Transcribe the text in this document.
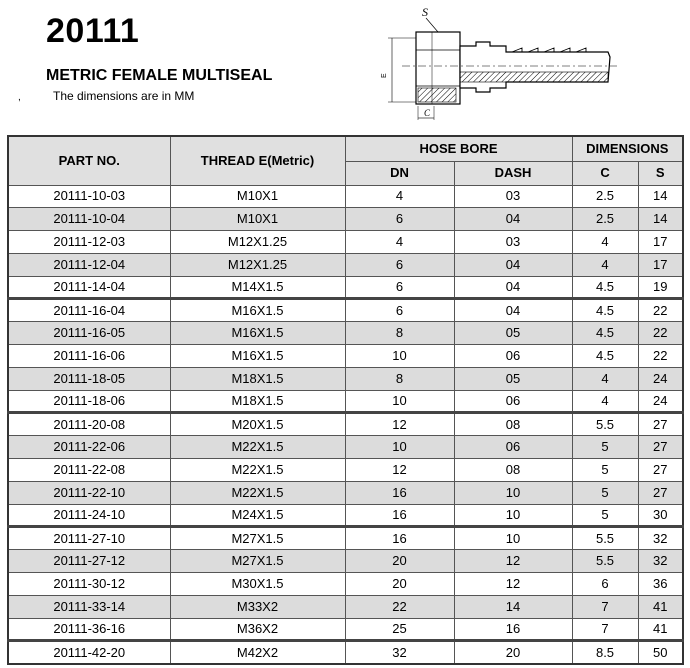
20111
METRIC FEMALE MULTISEAL
,	The dimensions are in MM
S
E
C
PART NO.	THREAD E(Metric)	HOSE BORE		DIMENSIONS	
		DN	DASH	C	S
20111-10-03	M10X1	4	03	2.5	14
20111-10-04	M10X1	6	04	2.5	14
20111-12-03	M12X1.25	4	03	4	17
20111-12-04	M12X1.25	6	04	4	17
20111-14-04	M14X1.5	6	04	4.5	19
20111-16-04	M16X1.5	6	04	4.5	22
20111-16-05	M16X1.5	8	05	4.5	22
20111-16-06	M16X1.5	10	06	4.5	22
20111-18-05	M18X1.5	8	05	4	24
20111-18-06	M18X1.5	10	06	4	24
20111-20-08	M20X1.5	12	08	5.5	27
20111-22-06	M22X1.5	10	06	5	27
20111-22-08	M22X1.5	12	08	5	27
20111-22-10	M22X1.5	16	10	5	27
20111-24-10	M24X1.5	16	10	5	30
20111-27-10	M27X1.5	16	10	5.5	32
20111-27-12	M27X1.5	20	12	5.5	32
20111-30-12	M30X1.5	20	12	6	36
20111-33-14	M33X2	22	14	7	41
20111-36-16	M36X2	25	16	7	41
20111-42-20	M42X2	32	20	8.5	50
